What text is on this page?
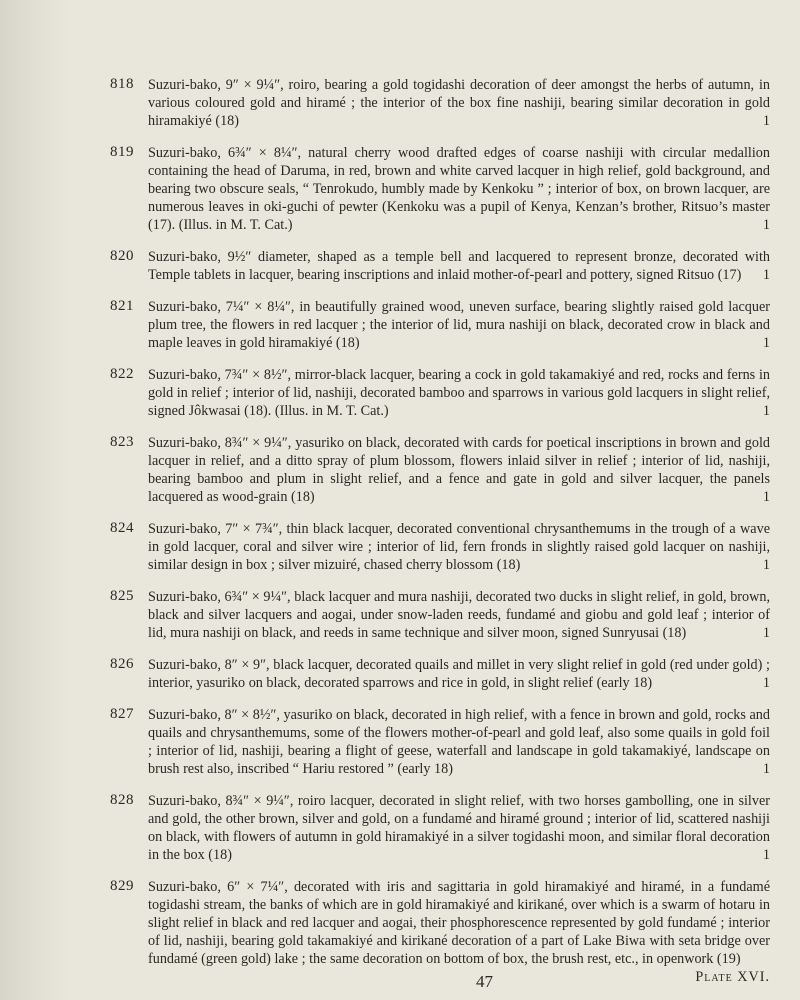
818 Suzuri-bako, 9″ × 9¼″, roiro, bearing a gold togidashi decoration of deer amongst the herbs of autumn, in various coloured gold and hiramé ; the interior of the box fine nashiji, bearing similar decoration in gold hiramakiyé (18)	1
819 Suzuri-bako, 6¾″ × 8¼″, natural cherry wood drafted edges of coarse nashiji with circular medallion containing the head of Daruma, in red, brown and white carved lacquer in high relief, gold background, and bearing two obscure seals, “ Tenrokudo, humbly made by Kenkoku ” ; interior of box, on brown lacquer, are numerous leaves in oki-guchi of pewter (Kenkoku was a pupil of Kenya, Kenzan’s brother, Ritsuo’s master (17). (Illus. in M. T. Cat.)	1
820 Suzuri-bako, 9½″ diameter, shaped as a temple bell and lacquered to represent bronze, decorated with Temple tablets in lacquer, bearing inscriptions and inlaid mother-of-pearl and pottery, signed Ritsuo (17) 1
821 Suzuri-bako, 7¼″ × 8¼″, in beautifully grained wood, uneven surface, bearing slightly raised gold lacquer plum tree, the flowers in red lacquer ; the interior of lid, mura nashiji on black, decorated crow in black and maple leaves in gold hiramakiyé (18)	1
822 Suzuri-bako, 7¾″ × 8½″, mirror-black lacquer, bearing a cock in gold takamakiyé and red, rocks and ferns in gold in relief ; interior of lid, nashiji, decorated bamboo and sparrows in various gold lacquers in slight relief, signed Jôkwasai (18). (Illus. in M. T. Cat.)	1
823 Suzuri-bako, 8¾″ × 9¼″, yasuriko on black, decorated with cards for poetical inscriptions in brown and gold lacquer in relief, and a ditto spray of plum blossom, flowers inlaid silver in relief ; interior of lid, nashiji, bearing bamboo and plum in slight relief, and a fence and gate in gold and silver lacquer, the panels lacquered as wood-grain (18)	1
824 Suzuri-bako, 7″ × 7¾″, thin black lacquer, decorated conventional chrysanthemums in the trough of a wave in gold lacquer, coral and silver wire ; interior of lid, fern fronds in slightly raised gold lacquer on nashiji, similar design in box ; silver mizuiré, chased cherry blossom (18)	1
825 Suzuri-bako, 6¾″ × 9¼″, black lacquer and mura nashiji, decorated two ducks in slight relief, in gold, brown, black and silver lacquers and aogai, under snow-laden reeds, fundamé and giobu and gold leaf ; interior of lid, mura nashiji on black, and reeds in same technique and silver moon, signed Sunryusai (18)	1
826 Suzuri-bako, 8″ × 9″, black lacquer, decorated quails and millet in very slight relief in gold (red under gold) ; interior, yasuriko on black, decorated sparrows and rice in gold, in slight relief (early 18)	1
827 Suzuri-bako, 8″ × 8½″, yasuriko on black, decorated in high relief, with a fence in brown and gold, rocks and quails and chrysanthemums, some of the flowers mother-of-pearl and gold leaf, also some quails in gold foil ; interior of lid, nashiji, bearing a flight of geese, waterfall and landscape in gold takamakiyé, landscape on brush rest also, inscribed “ Hariu restored ” (early 18)	1
828 Suzuri-bako, 8¾″ × 9¼″, roiro lacquer, decorated in slight relief, with two horses gambolling, one in silver and gold, the other brown, silver and gold, on a fundamé and hiramé ground ; interior of lid, scattered nashiji on black, with flowers of autumn in gold hiramakiyé in a silver togidashi moon, and similar floral decoration in the box (18)	1
829 Suzuri-bako, 6″ × 7¼″, decorated with iris and sagittaria in gold hiramakiyé and hiramé, in a fundamé togidashi stream, the banks of which are in gold hiramakiyé and kirikané, over which is a swarm of hotaru in slight relief in black and red lacquer and aogai, their phosphorescence represented by gold fundamé ; interior of lid, nashiji, bearing gold takamakiyé and kirikané decoration of a part of Lake Biwa with seta bridge over fundamé (green gold) lake ; the same decoration on bottom of box, the brush rest, etc., in openwork (19)
Plate XVI.
47
